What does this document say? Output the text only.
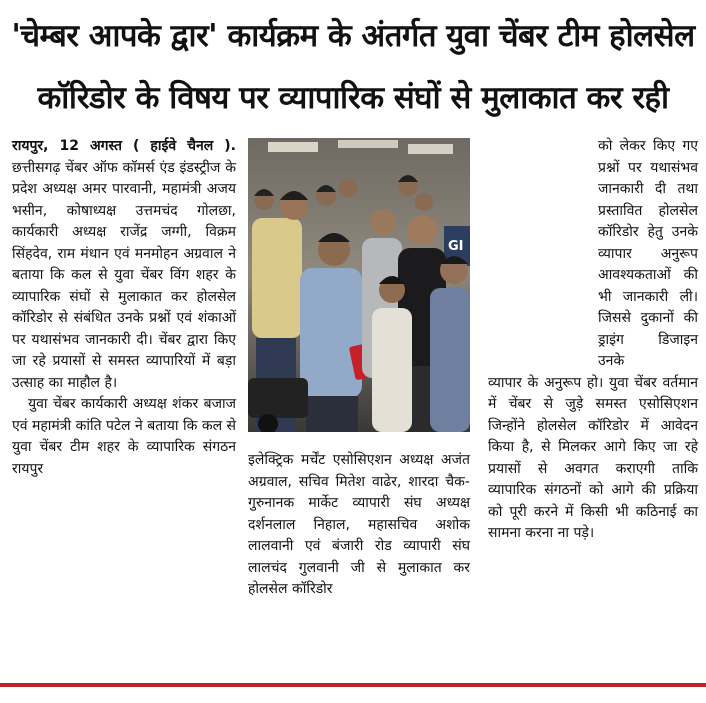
'चेम्बर आपके द्वार' कार्यक्रम के अंतर्गत युवा चेंबर टीम होलसेल
कॉरिडोर के विषय पर व्यापारिक संघों से मुलाकात कर रही

रायपुर, 12 अगस्त ( हाईवे चैनल ). छत्तीसगढ़ चेंबर ऑफ कॉमर्स एंड इंडस्ट्रीज के प्रदेश अध्यक्ष अमर पारवानी, महामंत्री अजय भसीन, कोषाध्यक्ष उत्तमचंद गोलछा, कार्यकारी अध्यक्ष राजेंद्र जग्गी, विक्रम सिंहदेव, राम मंधान एवं मनमोहन अग्रवाल ने बताया कि कल से युवा चेंबर विंग शहर के व्यापारिक संघों से मुलाकात कर होलसेल कॉरिडोर से संबंधित उनके प्रश्नों एवं शंकाओं पर यथासंभव जानकारी दी। चेंबर द्वारा किए जा रहे प्रयासों से समस्त व्यापारियों में बड़ा उत्साह का माहौल है।

युवा चेंबर कार्यकारी अध्यक्ष शंकर बजाज एवं महामंत्री कांति पटेल ने बताया कि कल से युवा चेंबर टीम शहर के व्यापारिक संगठन रायपुर

GI

इलेक्ट्रिक मर्चेंट एसोसिएशन अध्यक्ष अजंत अग्रवाल, सचिव मितेश वाढेर, शारदा चैक-गुरुनानक मार्केट व्यापारी संघ अध्यक्ष दर्शनलाल निहाल, महासचिव अशोक लालवानी एवं बंजारी रोड व्यापारी संघ लालचंद गुलवानी जी से मुलाकात कर होलसेल कॉरिडोर

को लेकर किए गए प्रश्नों पर यथासंभव जानकारी दी तथा प्रस्तावित होलसेल कॉरिडोर हेतु उनके व्यापार अनुरूप आवश्यकताओं की भी जानकारी ली। जिससे दुकानों की ड्राइंग डिजाइन उनके

व्यापार के अनुरूप हो। युवा चेंबर वर्तमान में चेंबर से जुड़े समस्त एसोसिएशन जिन्होंने होलसेल कॉरिडोर में आवेदन किया है, से मिलकर आगे किए जा रहे प्रयासों से अवगत कराएगी ताकि व्यापारिक संगठनों को आगे की प्रक्रिया को पूरी करने में किसी भी कठिनाई का सामना करना ना पड़े।
